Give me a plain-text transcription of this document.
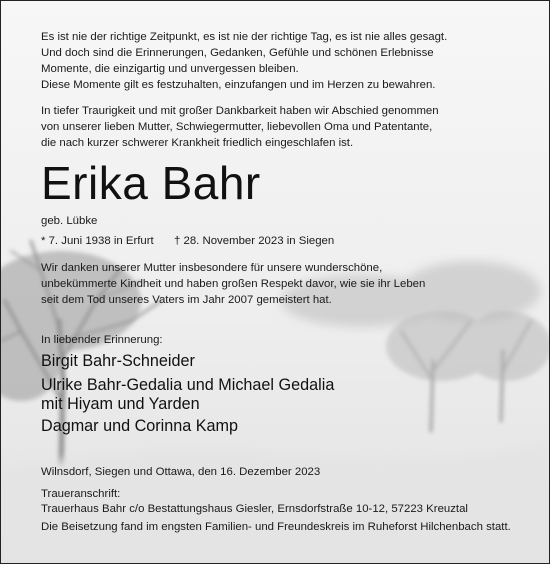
Es ist nie der richtige Zeitpunkt, es ist nie der richtige Tag, es ist nie alles gesagt.
Und doch sind die Erinnerungen, Gedanken, Gefühle und schönen Erlebnisse
Momente, die einzigartig und unvergessen bleiben.
Diese Momente gilt es festzuhalten, einzufangen und im Herzen zu bewahren.
In tiefer Traurigkeit und mit großer Dankbarkeit haben wir Abschied genommen
von unserer lieben Mutter, Schwiegermutter, liebevollen Oma und Patentante,
die nach kurzer schwerer Krankheit friedlich eingeschlafen ist.
Erika Bahr
geb. Lübke
* 7. Juni 1938 in Erfurt † 28. November 2023 in Siegen
Wir danken unserer Mutter insbesondere für unsere wunderschöne,
unbekümmerte Kindheit und haben großen Respekt davor, wie sie ihr Leben
seit dem Tod unseres Vaters im Jahr 2007 gemeistert hat.
In liebender Erinnerung:
Birgit Bahr-Schneider
Ulrike Bahr-Gedalia und Michael Gedalia
mit Hiyam und Yarden
Dagmar und Corinna Kamp
Wilnsdorf, Siegen und Ottawa, den 16. Dezember 2023
Traueranschrift:
Trauerhaus Bahr c/o Bestattungshaus Giesler, Ernsdorfstraße 10-12, 57223 Kreuztal
Die Beisetzung fand im engsten Familien- und Freundeskreis im Ruheforst Hilchenbach statt.
